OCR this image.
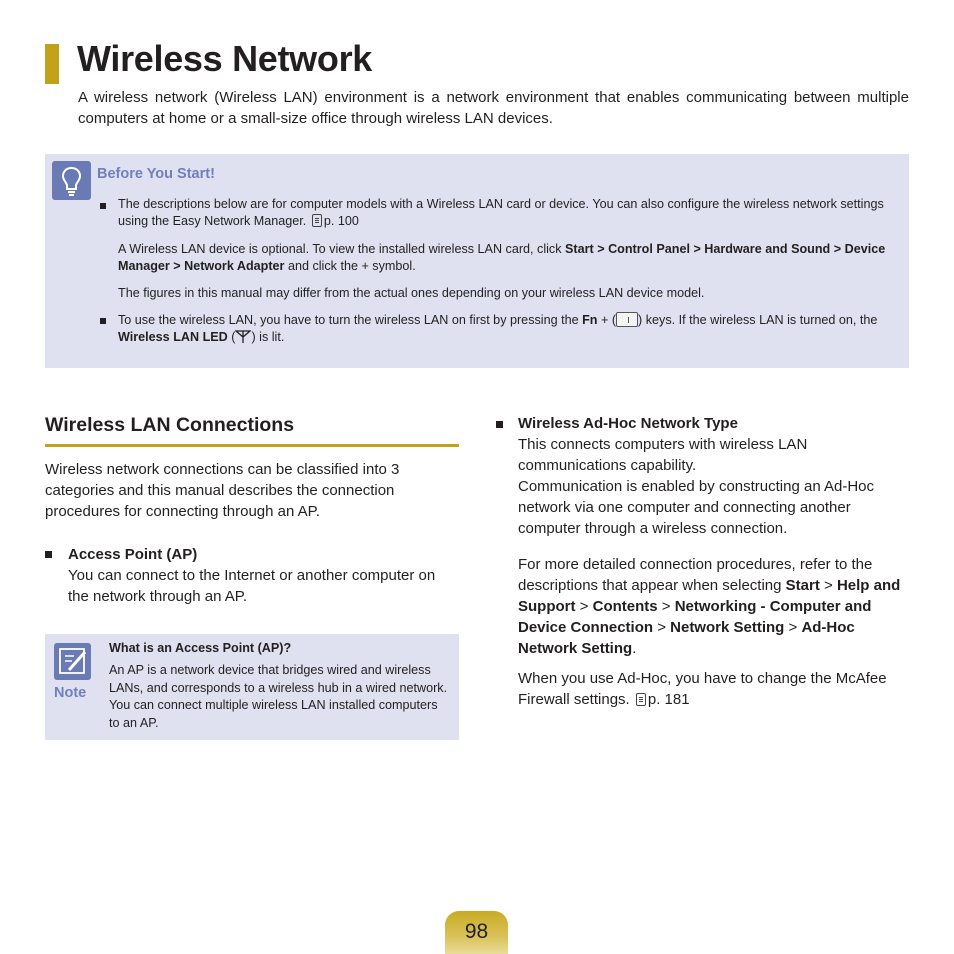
Wireless Network

A wireless network (Wireless LAN) environment is a network environment that enables communicating between multiple computers at home or a small-size office through wireless LAN devices.

Before You Start!

The descriptions below are for computer models with a Wireless LAN card or device. You can also configure the wireless network settings using the Easy Network Manager. p. 100

A Wireless LAN device is optional. To view the installed wireless LAN card, click Start > Control Panel > Hardware and Sound > Device Manager > Network Adapter and click the + symbol.

The figures in this manual may differ from the actual ones depending on your wireless LAN device model.

To use the wireless LAN, you have to turn the wireless LAN on first by pressing the Fn + ( ) keys. If the wireless LAN is turned on, the Wireless LAN LED ( ) is lit.

Wireless LAN Connections

Wireless network connections can be classified into 3 categories and this manual describes the connection procedures for connecting through an AP.

Access Point (AP)

You can connect to the Internet or another computer on the network through an AP.

Note
What is an Access Point (AP)?

An AP is a network device that bridges wired and wireless LANs, and corresponds to a wireless hub in a wired network. You can connect multiple wireless LAN installed computers to an AP.

Wireless Ad-Hoc Network Type

This connects computers with wireless LAN communications capability.

Communication is enabled by constructing an Ad-Hoc network via one computer and connecting another computer through a wireless connection.

For more detailed connection procedures, refer to the descriptions that appear when selecting Start > Help and Support > Contents > Networking - Computer and Device Connection > Network Setting > Ad-Hoc Network Setting.

When you use Ad-Hoc, you have to change the McAfee Firewall settings. p. 181

98
